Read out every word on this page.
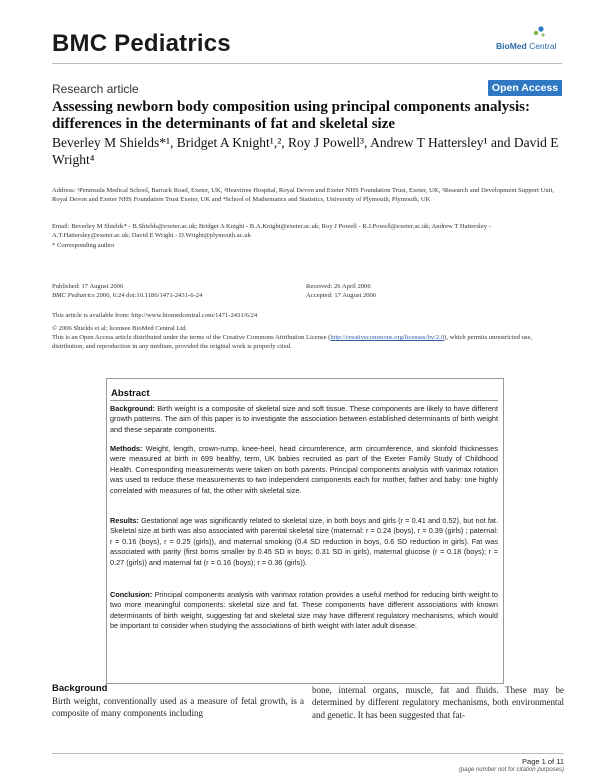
BMC Pediatrics	BioMed Central
Research article	Open Access
Assessing newborn body composition using principal components analysis: differences in the determinants of fat and skeletal size
Beverley M Shields*¹, Bridget A Knight¹,², Roy J Powell³, Andrew T Hattersley¹ and David E Wright⁴
Address: ¹Peninsula Medical School, Barrack Road, Exeter, UK, ²Heavitree Hospital, Royal Devon and Exeter NHS Foundation Trust, Exeter, UK, ³Research and Development Support Unit, Royal Devon and Exeter NHS Foundation Trust Exeter, UK and ⁴School of Mathematics and Statistics, University of Plymouth, Plymouth, UK
Email: Beverley M Shields* - B.Shields@exeter.ac.uk; Bridget A Knight - B.A.Knight@exeter.ac.uk; Roy J Powell - R.J.Powell@exeter.ac.uk; Andrew T Hattersley - A.T.Hattersley@exeter.ac.uk; David E Wright - D.Wright@plymouth.ac.uk
* Corresponding author
Published: 17 August 2006
BMC Pediatrics 2006, 6:24 doi:10.1186/1471-2431-6-24
Received: 26 April 2006
Accepted: 17 August 2006
This article is available from: http://www.biomedcentral.com/1471-2431/6/24
© 2006 Shields et al; licensee BioMed Central Ltd.
This is an Open Access article distributed under the terms of the Creative Commons Attribution License (http://creativecommons.org/licenses/by/2.0), which permits unrestricted use, distribution, and reproduction in any medium, provided the original work is properly cited.
Abstract
Background: Birth weight is a composite of skeletal size and soft tissue. These components are likely to have different growth patterns. The aim of this paper is to investigate the association between established determinants of birth weight and these separate components.
Methods: Weight, length, crown-rump, knee-heel, head circumference, arm circumference, and skinfold thicknesses were measured at birth in 699 healthy, term, UK babies recruited as part of the Exeter Family Study of Childhood Health. Corresponding measurements were taken on both parents. Principal components analysis with varimax rotation was used to reduce these measurements to two independent components each for mother, father and baby: one highly correlated with measures of fat, the other with skeletal size.
Results: Gestational age was significantly related to skeletal size, in both boys and girls (r = 0.41 and 0.52), but not fat. Skeletal size at birth was also associated with parental skeletal size (maternal: r = 0.24 (boys), r = 0.39 (girls) ; paternal: r = 0.16 (boys), r = 0.25 (girls)), and maternal smoking (0.4 SD reduction in boys, 0.6 SD reduction in girls). Fat was associated with parity (first borns smaller by 0.45 SD in boys; 0.31 SD in girls), maternal glucose (r = 0.18 (boys); r = 0.27 (girls)) and maternal fat (r = 0.16 (boys); r = 0.36 (girls)).
Conclusion: Principal components analysis with varimax rotation provides a useful method for reducing birth weight to two more meaningful components: skeletal size and fat. These components have different associations with known determinants of birth weight, suggesting fat and skeletal size may have different regulatory mechanisms, which would be important to consider when studying the associations of birth weight with later adult disease.
Background
Birth weight, conventionally used as a measure of fetal growth, is a composite of many components including
bone, internal organs, muscle, fat and fluids. These may be determined by different regulatory mechanisms, both environmental and genetic. It has been suggested that fat-
Page 1 of 11
(page number not for citation purposes)
